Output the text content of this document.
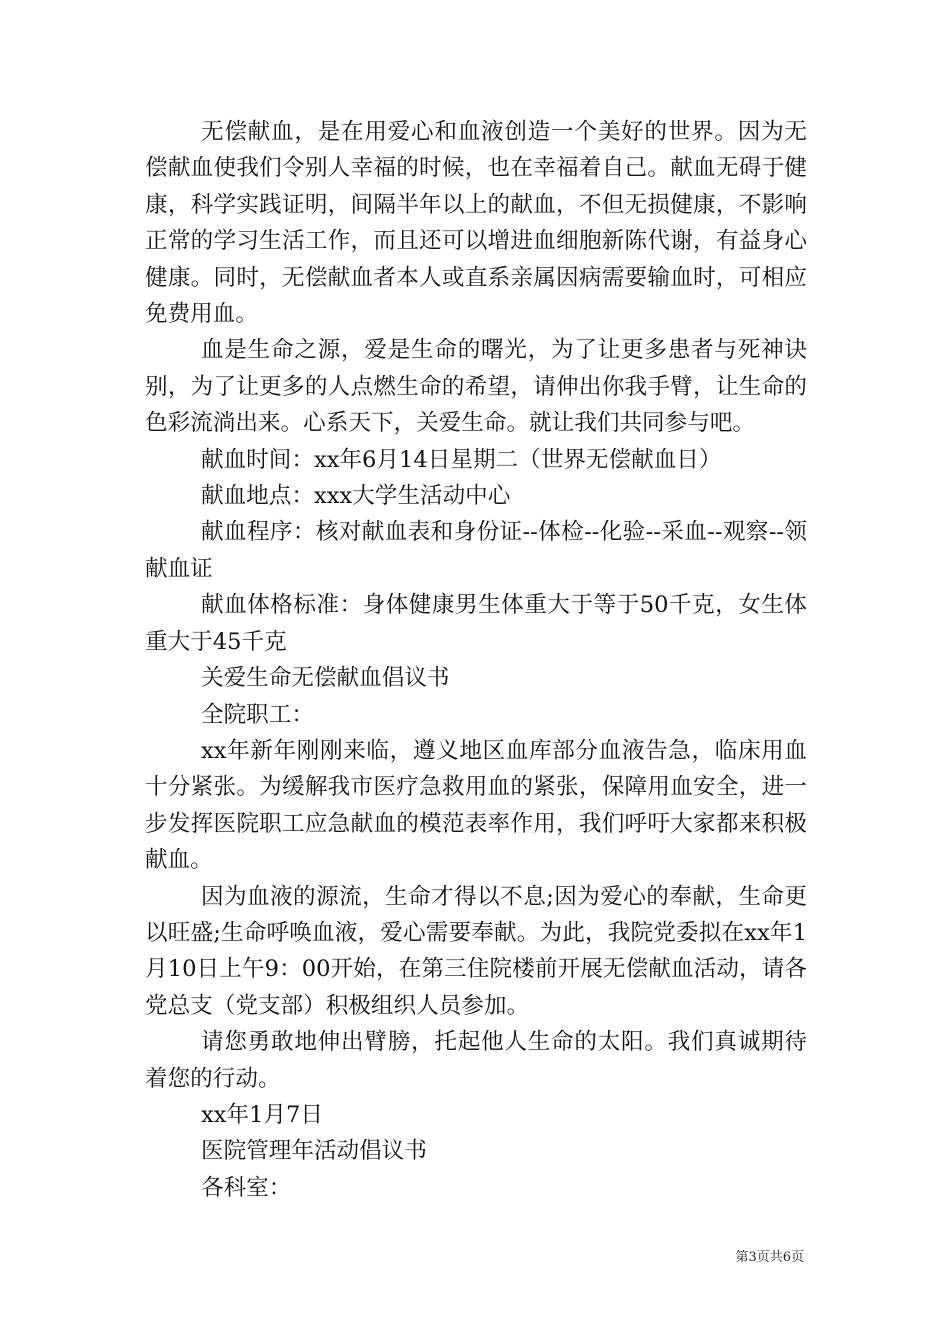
无偿献血，是在用爱心和血液创造一个美好的世界。因为无偿献血使我们令别人幸福的时候，也在幸福着自己。献血无碍于健康，科学实践证明，间隔半年以上的献血，不但无损健康，不影响正常的学习生活工作，而且还可以增进血细胞新陈代谢，有益身心健康。同时，无偿献血者本人或直系亲属因病需要输血时，可相应免费用血。

血是生命之源，爱是生命的曙光，为了让更多患者与死神诀别，为了让更多的人点燃生命的希望，请伸出你我手臂，让生命的色彩流淌出来。心系天下，关爱生命。就让我们共同参与吧。

献血时间：xx年6月14日星期二（世界无偿献血日）

献血地点：xxx大学生活动中心

献血程序：核对献血表和身份证--体检--化验--采血--观察--领献血证

献血体格标准：身体健康男生体重大于等于50千克，女生体重大于45千克

关爱生命无偿献血倡议书

全院职工：

xx年新年刚刚来临，遵义地区血库部分血液告急，临床用血十分紧张。为缓解我市医疗急救用血的紧张，保障用血安全，进一步发挥医院职工应急献血的模范表率作用，我们呼吁大家都来积极献血。

因为血液的源流，生命才得以不息;因为爱心的奉献，生命更以旺盛;生命呼唤血液，爱心需要奉献。为此，我院党委拟在xx年1月10日上午9：00开始，在第三住院楼前开展无偿献血活动，请各党总支（党支部）积极组织人员参加。

请您勇敢地伸出臂膀，托起他人生命的太阳。我们真诚期待着您的行动。

xx年1月7日

医院管理年活动倡议书

各科室：

第3页共6页
